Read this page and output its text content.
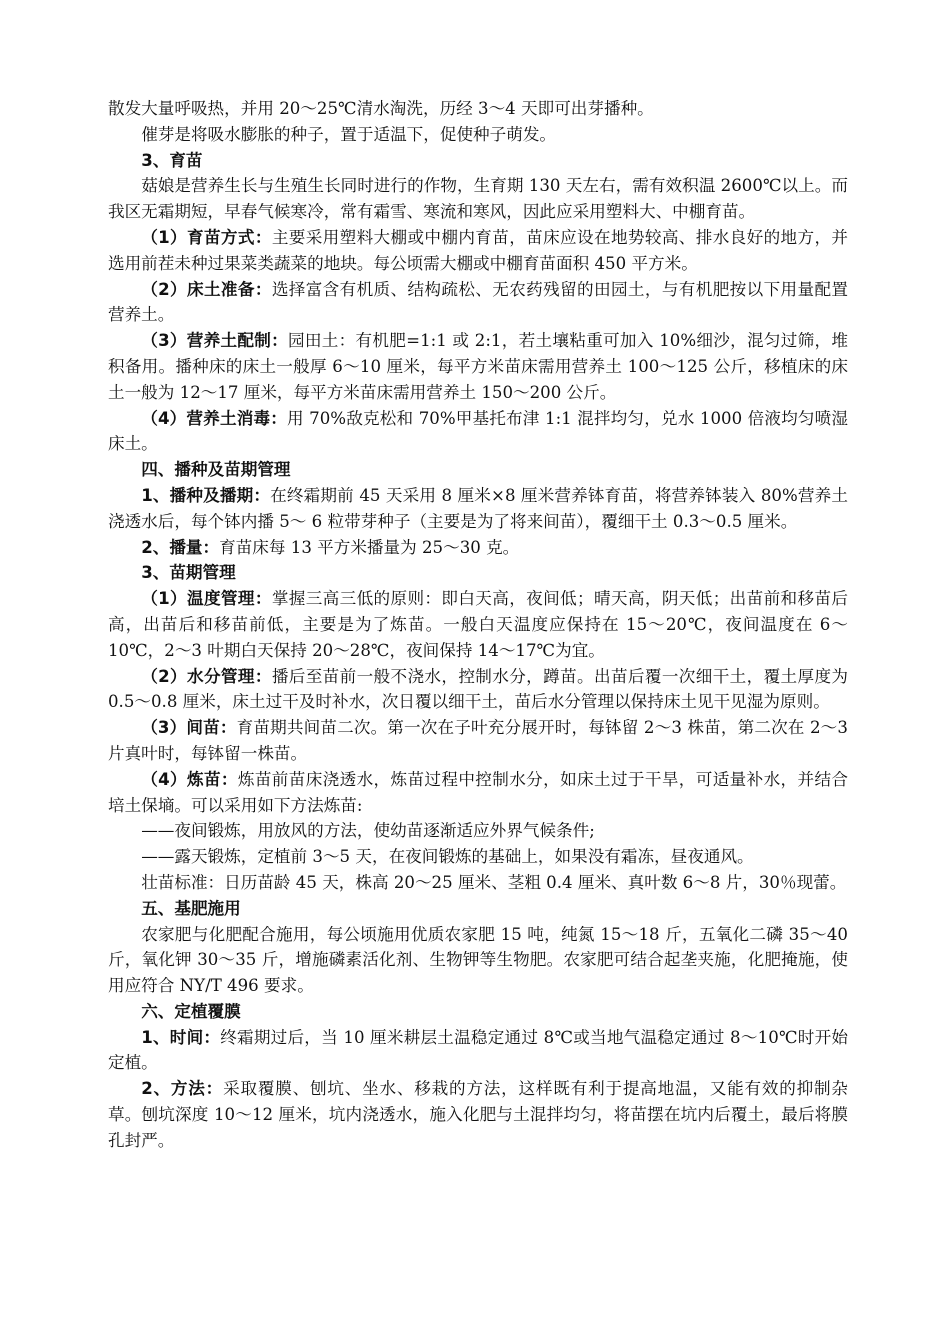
散发大量呼吸热，并用 20～25℃清水淘洗，历经 3～4 天即可出芽播种。

催芽是将吸水膨胀的种子，置于适温下，促使种子萌发。

3、育苗

菇娘是营养生长与生殖生长同时进行的作物，生育期 130 天左右，需有效积温 2600℃以上。而我区无霜期短，早春气候寒冷，常有霜雪、寒流和寒风，因此应采用塑料大、中棚育苗。

（1）育苗方式：主要采用塑料大棚或中棚内育苗，苗床应设在地势较高、排水良好的地方，并选用前茬未种过果菜类蔬菜的地块。每公顷需大棚或中棚育苗面积 450 平方米。

（2）床土准备：选择富含有机质、结构疏松、无农药残留的田园土，与有机肥按以下用量配置营养土。

（3）营养土配制：园田土：有机肥=1:1 或 2:1，若土壤粘重可加入 10%细沙，混匀过筛，堆积备用。播种床的床土一般厚 6～10 厘米，每平方米苗床需用营养土 100～125 公斤，移植床的床土一般为 12～17 厘米，每平方米苗床需用营养土 150～200 公斤。

（4）营养土消毒：用 70%敌克松和 70%甲基托布津 1:1 混拌均匀，兑水 1000 倍液均匀喷湿床土。

四、播种及苗期管理

1、播种及播期：在终霜期前 45 天采用 8 厘米×8 厘米营养钵育苗，将营养钵装入 80%营养土浇透水后，每个钵内播 5～ 6 粒带芽种子（主要是为了将来间苗），覆细干土 0.3～0.5 厘米。

2、播量：育苗床每 13 平方米播量为 25～30 克。

3、苗期管理

（1）温度管理：掌握三高三低的原则：即白天高，夜间低；晴天高，阴天低；出苗前和移苗后高，出苗后和移苗前低，主要是为了炼苗。一般白天温度应保持在 15～20℃，夜间温度在 6～10℃，2～3 叶期白天保持 20～28℃，夜间保持 14～17℃为宜。

（2）水分管理：播后至苗前一般不浇水，控制水分，蹲苗。出苗后覆一次细干土，覆土厚度为 0.5～0.8 厘米，床土过干及时补水，次日覆以细干土，苗后水分管理以保持床土见干见湿为原则。

（3）间苗：育苗期共间苗二次。第一次在子叶充分展开时，每钵留 2～3 株苗，第二次在 2～3 片真叶时，每钵留一株苗。

（4）炼苗：炼苗前苗床浇透水，炼苗过程中控制水分，如床土过于干旱，可适量补水，并结合培土保墒。可以采用如下方法炼苗:

——夜间锻炼，用放风的方法，使幼苗逐渐适应外界气候条件;

——露天锻炼，定植前 3～5 天，在夜间锻炼的基础上，如果没有霜冻，昼夜通风。

壮苗标准：日历苗龄 45 天，株高 20～25 厘米、茎粗 0.4 厘米、真叶数 6～8 片，30％现蕾。

五、基肥施用

农家肥与化肥配合施用，每公顷施用优质农家肥 15 吨，纯氮 15～18 斤，五氧化二磷 35～40 斤，氧化钾 30～35 斤，增施磷素活化剂、生物钾等生物肥。农家肥可结合起垄夹施，化肥掩施，使用应符合 NY/T 496 要求。

六、定植覆膜

1、时间：终霜期过后，当 10 厘米耕层土温稳定通过 8℃或当地气温稳定通过 8～10℃时开始定植。

2、方法：采取覆膜、刨坑、坐水、移栽的方法，这样既有利于提高地温，又能有效的抑制杂草。刨坑深度 10～12 厘米，坑内浇透水，施入化肥与土混拌均匀，将苗摆在坑内后覆土，最后将膜孔封严。
